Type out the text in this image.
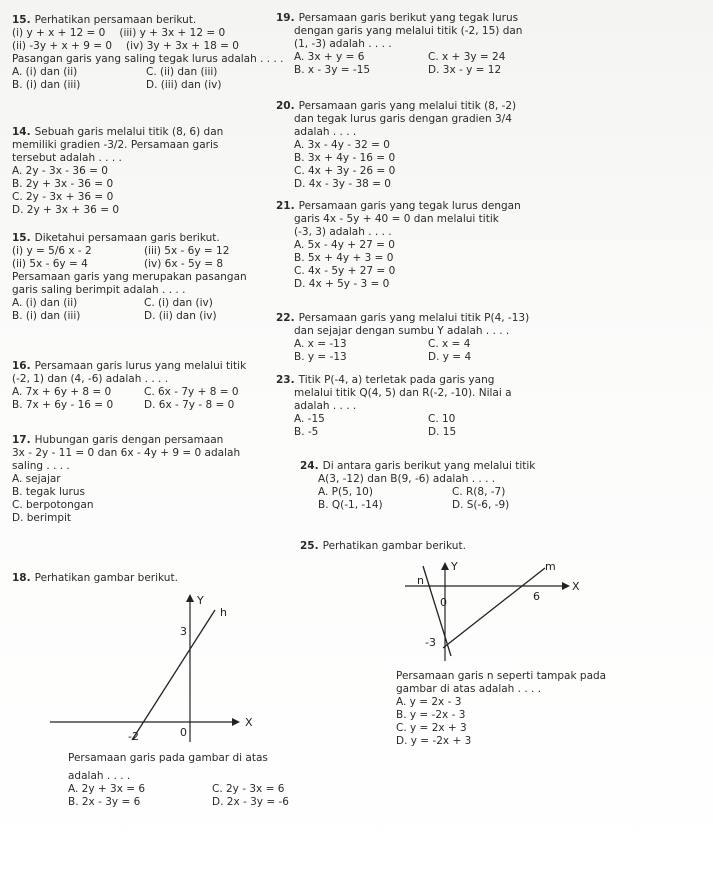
15. Perhatikan persamaan berikut.
(i) y + x + 12 = 0 (iii) y + 3x + 12 = 0
(ii) -3y + x + 9 = 0 (iv) 3y + 3x + 18 = 0
Pasangan garis yang saling tegak lurus adalah . . . .
A. (i) dan (ii)	C. (ii) dan (iii)
B. (i) dan (iii)	D. (iii) dan (iv)
14. Sebuah garis melalui titik (8, 6) dan
memiliki gradien -3/2. Persamaan garis
tersebut adalah . . . .
A. 2y - 3x - 36 = 0
B. 2y + 3x - 36 = 0
C. 2y - 3x + 36 = 0
D. 2y + 3x + 36 = 0
15. Diketahui persamaan garis berikut.
(i) y = 5/6 x - 2	(iii) 5x - 6y = 12
(ii) 5x - 6y = 4	(iv) 6x - 5y = 8
Persamaan garis yang merupakan pasangan
garis saling berimpit adalah . . . .
A. (i) dan (ii)	C. (i) dan (iv)
B. (i) dan (iii)	D. (ii) dan (iv)
16. Persamaan garis lurus yang melalui titik
(-2, 1) dan (4, -6) adalah . . . .
A. 7x + 6y + 8 = 0	C. 6x - 7y + 8 = 0
B. 7x + 6y - 16 = 0	D. 6x - 7y - 8 = 0
17. Hubungan garis dengan persamaan
3x - 2y - 11 = 0 dan 6x - 4y + 9 = 0 adalah
saling . . . .
A. sejajar
B. tegak lurus
C. berpotongan
D. berimpit
18. Perhatikan gambar berikut.
Y
X
h
3
-2	0
Persamaan garis pada gambar di atas
adalah . . . .
A. 2y + 3x = 6	C. 2y - 3x = 6
B. 2x - 3y = 6	D. 2x - 3y = -6
19. Persamaan garis berikut yang tegak lurus
dengan garis yang melalui titik (-2, 15) dan
(1, -3) adalah . . . .
A. 3x + y = 6	C. x + 3y = 24
B. x - 3y = -15	D. 3x - y = 12
20. Persamaan garis yang melalui titik (8, -2)
dan tegak lurus garis dengan gradien 3/4
adalah . . . .
A. 3x - 4y - 32 = 0
B. 3x + 4y - 16 = 0
C. 4x + 3y - 26 = 0
D. 4x - 3y - 38 = 0
21. Persamaan garis yang tegak lurus dengan
garis 4x - 5y + 40 = 0 dan melalui titik
(-3, 3) adalah . . . .
A. 5x - 4y + 27 = 0
B. 5x + 4y + 3 = 0
C. 4x - 5y + 27 = 0
D. 4x + 5y - 3 = 0
22. Persamaan garis yang melalui titik P(4, -13)
dan sejajar dengan sumbu Y adalah . . . .
A. x = -13	C. x = 4
B. y = -13	D. y = 4
23. Titik P(-4, a) terletak pada garis yang
melalui titik Q(4, 5) dan R(-2, -10). Nilai a
adalah . . . .
A. -15	C. 10
B. -5	D. 15
24. Di antara garis berikut yang melalui titik
A(3, -12) dan B(9, -6) adalah . . . .
A. P(5, 10)	C. R(8, -7)
B. Q(-1, -14)	D. S(-6, -9)
25. Perhatikan gambar berikut.
Y
X
n
m
0	6
-3
Persamaan garis n seperti tampak pada
gambar di atas adalah . . . .
A. y = 2x - 3
B. y = -2x - 3
C. y = 2x + 3
D. y = -2x + 3
